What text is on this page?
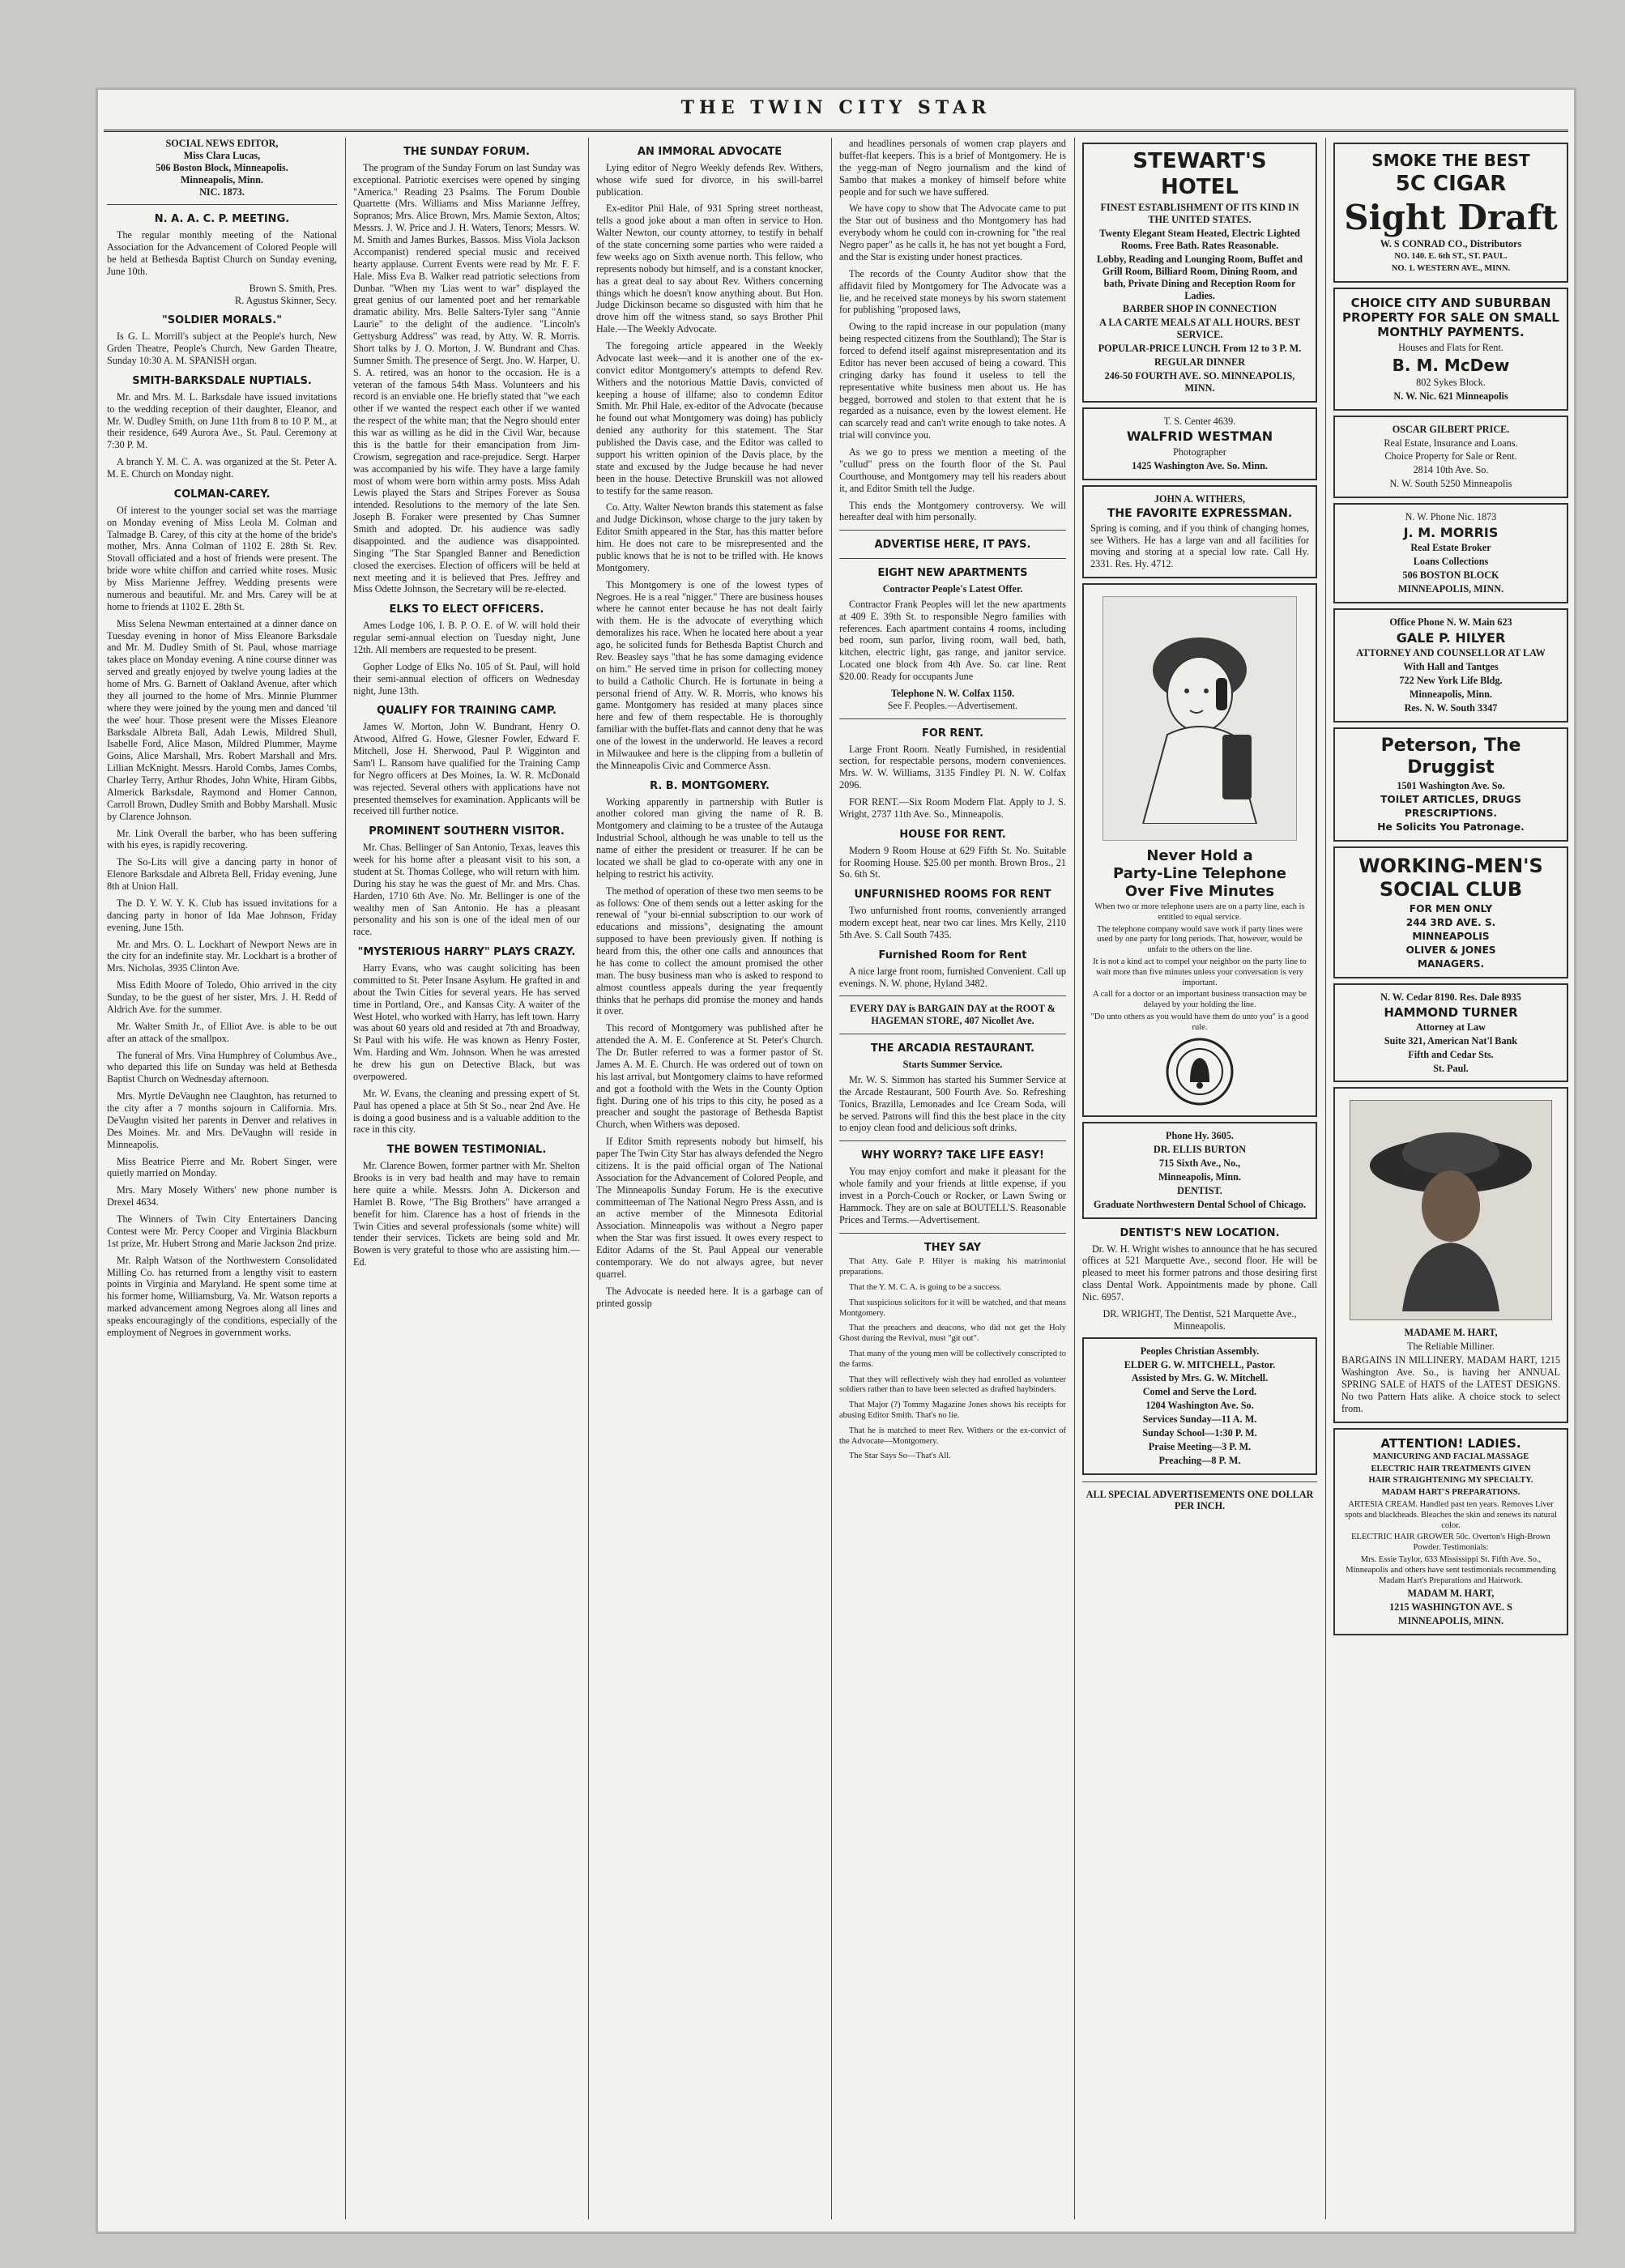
THE TWIN CITY STAR

SOCIAL NEWS EDITOR,

Miss Clara Lucas,

506 Boston Block, Minneapolis.

Minneapolis, Minn.

NIC. 1873.

N. A. A. C. P. MEETING.

The regular monthly meeting of the National Association for the Advancement of Colored People will be held at Bethesda Baptist Church on Sunday evening, June 10th.

Brown S. Smith, Pres.

R. Agustus Skinner, Secy.

"SOLDIER MORALS."

Is G. L. Morrill's subject at the People's hurch, New Grden Theatre, People's Church, New Garden Theatre, Sunday 10:30 A. M. SPANISH organ.

SMITH-BARKSDALE NUPTIALS.

Mr. and Mrs. M. L. Barksdale have issued invitations to the wedding reception of their daughter, Eleanor, and Mr. W. Dudley Smith, on June 11th from 8 to 10 P. M., at their residence, 649 Aurora Ave., St. Paul. Ceremony at 7:30 P. M.

A branch Y. M. C. A. was organized at the St. Peter A. M. E. Church on Monday night.

COLMAN-CAREY.

Of interest to the younger social set was the marriage on Monday evening of Miss Leola M. Colman and Talmadge B. Carey, of this city at the home of the bride's mother, Mrs. Anna Colman of 1102 E. 28th St. Rev. Stovall officiated and a host of friends were present. The bride wore white chiffon and carried white roses. Music by Miss Marienne Jeffrey. Wedding presents were numerous and beautiful. Mr. and Mrs. Carey will be at home to friends at 1102 E. 28th St.

Miss Selena Newman entertained at a dinner dance on Tuesday evening in honor of Miss Eleanore Barksdale and Mr. M. Dudley Smith of St. Paul, whose marriage takes place on Monday evening. A nine course dinner was served and greatly enjoyed by twelve young ladies at the home of Mrs. G. Barnett of Oakland Avenue, after which they all journed to the home of Mrs. Minnie Plummer where they were joined by the young men and danced 'til the wee' hour. Those present were the Misses Eleanore Barksdale Albreta Ball, Adah Lewis, Mildred Shull, Isabelle Ford, Alice Mason, Mildred Plummer, Mayme Goins, Alice Marshall, Mrs. Robert Marshall and Mrs. Lillian McKnight. Messrs. Harold Combs, James Combs, Charley Terry, Arthur Rhodes, John White, Hiram Gibbs, Almerick Barksdale, Raymond and Homer Cannon, Carroll Brown, Dudley Smith and Bobby Marshall. Music by Clarence Johnson.

Mr. Link Overall the barber, who has been suffering with his eyes, is rapidly recovering.

The So-Lits will give a dancing party in honor of Elenore Barksdale and Albreta Bell, Friday evening, June 8th at Union Hall.

The D. Y. W. Y. K. Club has issued invitations for a dancing party in honor of Ida Mae Johnson, Friday evening, June 15th.

Mr. and Mrs. O. L. Lockhart of Newport News are in the city for an indefinite stay. Mr. Lockhart is a brother of Mrs. Nicholas, 3935 Clinton Ave.

Miss Edith Moore of Toledo, Ohio arrived in the city Sunday, to be the guest of her sister, Mrs. J. H. Redd of Aldrich Ave. for the summer.

Mr. Walter Smith Jr., of Elliot Ave. is able to be out after an attack of the smallpox.

The funeral of Mrs. Vina Humphrey of Columbus Ave., who departed this life on Sunday was held at Bethesda Baptist Church on Wednesday afternoon.

Mrs. Myrtle DeVaughn nee Claughton, has returned to the city after a 7 months sojourn in California. Mrs. DeVaughn visited her parents in Denver and relatives in Des Moines. Mr. and Mrs. DeVaughn will reside in Minneapolis.

Miss Beatrice Pierre and Mr. Robert Singer, were quietly married on Monday.

Mrs. Mary Mosely Withers' new phone number is Drexel 4634.

The Winners of Twin City Entertainers Dancing Contest were Mr. Percy Cooper and Virginia Blackburn 1st prize, Mr. Hubert Strong and Marie Jackson 2nd prize.

Mr. Ralph Watson of the Northwestern Consolidated Milling Co. has returned from a lengthy visit to eastern points in Virginia and Maryland. He spent some time at his former home, Williamsburg, Va. Mr. Watson reports a marked advancement among Negroes along all lines and speaks encouragingly of the conditions, especially of the employment of Negroes in government works.

THE SUNDAY FORUM.

The program of the Sunday Forum on last Sunday was exceptional. Patriotic exercises were opened by singing "America." Reading 23 Psalms. The Forum Double Quartette (Mrs. Williams and Miss Marianne Jeffrey, Sopranos; Mrs. Alice Brown, Mrs. Mamie Sexton, Altos; Messrs. J. W. Price and J. H. Waters, Tenors; Messrs. W. M. Smith and James Burkes, Bassos. Miss Viola Jackson Accompanist) rendered special music and received hearty applause. Current Events were read by Mr. F. F. Hale. Miss Eva B. Walker read patriotic selections from Dunbar. "When my 'Lias went to war" displayed the great genius of our lamented poet and her remarkable dramatic ability. Mrs. Belle Salters-Tyler sang "Annie Laurie" to the delight of the audience. "Lincoln's Gettysburg Address" was read, by Atty. W. R. Morris. Short talks by J. O. Morton, J. W. Bundrant and Chas. Sumner Smith. The presence of Sergt. Jno. W. Harper, U. S. A. retired, was an honor to the occasion. He is a veteran of the famous 54th Mass. Volunteers and his record is an enviable one. He briefly stated that "we each other if we wanted the respect each other if we wanted the respect of the white man; that the Negro should enter this war as willing as he did in the Civil War, because this is the battle for their emancipation from Jim-Crowism, segregation and race-prejudice. Sergt. Harper was accompanied by his wife. They have a large family most of whom were born within army posts. Miss Adah Lewis played the Stars and Stripes Forever as Sousa intended. Resolutions to the memory of the late Sen. Joseph B. Foraker were presented by Chas Sumner Smith and adopted. Dr. his audience was sadly disappointed. and the audience was disappointed. Singing "The Star Spangled Banner and Benediction closed the exercises. Election of officers will be held at next meeting and it is believed that Pres. Jeffrey and Miss Odette Johnson, the Secretary will be re-elected.

ELKS TO ELECT OFFICERS.

Ames Lodge 106, I. B. P. O. E. of W. will hold their regular semi-annual election on Tuesday night, June 12th. All members are requested to be present.

Gopher Lodge of Elks No. 105 of St. Paul, will hold their semi-annual election of officers on Wednesday night, June 13th.

QUALIFY FOR TRAINING CAMP.

James W. Morton, John W. Bundrant, Henry O. Atwood, Alfred G. Howe, Glesner Fowler, Edward F. Mitchell, Jose H. Sherwood, Paul P. Wigginton and Sam'l L. Ransom have qualified for the Training Camp for Negro officers at Des Moines, Ia. W. R. McDonald was rejected. Several others with applications have not presented themselves for examination. Applicants will be received till further notice.

PROMINENT SOUTHERN VISITOR.

Mr. Chas. Bellinger of San Antonio, Texas, leaves this week for his home after a pleasant visit to his son, a student at St. Thomas College, who will return with him. During his stay he was the guest of Mr. and Mrs. Chas. Harden, 1710 6th Ave. No. Mr. Bellinger is one of the wealthy men of San Antonio. He has a pleasant personality and his son is one of the ideal men of our race.

"MYSTERIOUS HARRY" PLAYS CRAZY.

Harry Evans, who was caught soliciting has been committed to St. Peter Insane Asylum. He grafted in and about the Twin Cities for several years. He has served time in Portland, Ore., and Kansas City. A waiter of the West Hotel, who worked with Harry, has left town. Harry was about 60 years old and resided at 7th and Broadway, St Paul with his wife. He was known as Henry Foster, Wm. Harding and Wm. Johnson. When he was arrested he drew his gun on Detective Black, but was overpowered.

Mr. W. Evans, the cleaning and pressing expert of St. Paul has opened a place at 5th St So., near 2nd Ave. He is doing a good business and is a valuable addition to the race in this city.

THE BOWEN TESTIMONIAL.

Mr. Clarence Bowen, former partner with Mr. Shelton Brooks is in very bad health and may have to remain here quite a while. Messrs. John A. Dickerson and Hamlet B. Rowe, "The Big Brothers" have arranged a benefit for him. Clarence has a host of friends in the Twin Cities and several professionals (some white) will tender their services. Tickets are being sold and Mr. Bowen is very grateful to those who are assisting him.—Ed.

AN IMMORAL ADVOCATE

Lying editor of Negro Weekly defends Rev. Withers, whose wife sued for divorce, in his swill-barrel publication.

Ex-editor Phil Hale, of 931 Spring street northeast, tells a good joke about a man often in service to Hon. Walter Newton, our county attorney, to testify in behalf of the state concerning some parties who were raided a few weeks ago on Sixth avenue north. This fellow, who represents nobody but himself, and is a constant knocker, has a great deal to say about Rev. Withers concerning things which he doesn't know anything about. But Hon. Judge Dickinson became so disgusted with him that he drove him off the witness stand, so says Brother Phil Hale.—The Weekly Advocate.

The foregoing article appeared in the Weekly Advocate last week—and it is another one of the ex-convict editor Montgomery's attempts to defend Rev. Withers and the notorious Mattie Davis, convicted of keeping a house of illfame; also to condemn Editor Smith. Mr. Phil Hale, ex-editor of the Advocate (because he found out what Montgomery was doing) has publicly denied any authority for this statement. The Star published the Davis case, and the Editor was called to support his written opinion of the Davis place, by the state and excused by the Judge because he had never been in the house. Detective Brunskill was not allowed to testify for the same reason.

Co. Atty. Walter Newton brands this statement as false and Judge Dickinson, whose charge to the jury taken by Editor Smith appeared in the Star, has this matter before him. He does not care to be misrepresented and the public knows that he is not to be trifled with. He knows Montgomery.

This Montgomery is one of the lowest types of Negroes. He is a real "nigger." There are business houses where he cannot enter because he has not dealt fairly with them. He is the advocate of everything which demoralizes his race. When he located here about a year ago, he solicited funds for Bethesda Baptist Church and Rev. Beasley says "that he has some damaging evidence on him." He served time in prison for collecting money to build a Catholic Church. He is fortunate in being a personal friend of Atty. W. R. Morris, who knows his game. Montgomery has resided at many places since here and few of them respectable. He is thoroughly familiar with the buffet-flats and cannot deny that he was one of the lowest in the underworld. He leaves a record in Milwaukee and here is the clipping from a bulletin of the Minneapolis Civic and Commerce Assn.

R. B. MONTGOMERY.

Working apparently in partnership with Butler is another colored man giving the name of R. B. Montgomery and claiming to be a trustee of the Autauga Industrial School, although he was unable to tell us the name of either the president or treasurer. If he can be located we shall be glad to co-operate with any one in helping to restrict his activity.

The method of operation of these two men seems to be as follows: One of them sends out a letter asking for the renewal of "your bi-ennial subscription to our work of educations and missions", designating the amount supposed to have been previously given. If nothing is heard from this, the other one calls and announces that he has come to collect the amount promised the other man. The busy business man who is asked to respond to almost countless appeals during the year frequently thinks that he perhaps did promise the money and hands it over.

This record of Montgomery was published after he attended the A. M. E. Conference at St. Peter's Church. The Dr. Butler referred to was a former pastor of St. James A. M. E. Church. He was ordered out of town on his last arrival, but Montgomery claims to have reformed and got a foothold with the Wets in the County Option fight. During one of his trips to this city, he posed as a preacher and sought the pastorage of Bethesda Baptist Church, when Withers was deposed.

If Editor Smith represents nobody but himself, his paper The Twin City Star has always defended the Negro citizens. It is the paid official organ of The National Association for the Advancement of Colored People, and The Minneapolis Sunday Forum. He is the executive committeeman of The National Negro Press Assn, and is an active member of the Minnesota Editorial Association. Minneapolis was without a Negro paper when the Star was first issued. It owes every respect to Editor Adams of the St. Paul Appeal our venerable contemporary. We do not always agree, but never quarrel.

The Advocate is needed here. It is a garbage can of printed gossip

and headlines personals of women crap players and buffet-flat keepers. This is a brief of Montgomery. He is the yegg-man of Negro journalism and the kind of Sambo that makes a monkey of himself before white people and for such we have suffered.

We have copy to show that The Advocate came to put the Star out of business and tho Montgomery has had everybody whom he could con in-crowning for "the real Negro paper" as he calls it, he has not yet bought a Ford, and the Star is existing under honest practices.

The records of the County Auditor show that the affidavit filed by Montgomery for The Advocate was a lie, and he received state moneys by his sworn statement for publishing "proposed laws,

Owing to the rapid increase in our population (many being respected citizens from the Southland); The Star is forced to defend itself against misrepresentation and its Editor has never been accused of being a coward. This cringing darky has found it useless to tell the representative white business men about us. He has begged, borrowed and stolen to that extent that he is regarded as a nuisance, even by the lowest element. He can scarcely read and can't write enough to take notes. A trial will convince you.

As we go to press we mention a meeting of the "cullud" press on the fourth floor of the St. Paul Courthouse, and Montgomery may tell his readers about it, and Editor Smith tell the Judge.

This ends the Montgomery controversy. We will hereafter deal with him personally.

ADVERTISE HERE, IT PAYS.
EIGHT NEW APARTMENTS

Contractor People's Latest Offer.

Contractor Frank Peoples will let the new apartments at 409 E. 39th St. to responsible Negro families with references. Each apartment contains 4 rooms, including bed room, sun parlor, living room, wall bed, bath, kitchen, electric light, gas range, and janitor service. Located one block from 4th Ave. So. car line. Rent $20.00. Ready for occupants June

Telephone N. W. Colfax 1150.

See F. Peoples.—Advertisement.

FOR RENT.

Large Front Room. Neatly Furnished, in residential section, for respectable persons, modern conveniences. Mrs. W. W. Williams, 3135 Findley Pl. N. W. Colfax 2096.

FOR RENT.—Six Room Modern Flat. Apply to J. S. Wright, 2737 11th Ave. So., Minneapolis.

HOUSE FOR RENT.

Modern 9 Room House at 629 Fifth St. No. Suitable for Rooming House. $25.00 per month. Brown Bros., 21 So. 6th St.

UNFURNISHED ROOMS FOR RENT

Two unfurnished front rooms, conveniently arranged modern except heat, near two car lines. Mrs Kelly, 2110 5th Ave. S. Call South 7435.

Furnished Room for Rent

A nice large front room, furnished Convenient. Call up evenings. N. W. phone, Hyland 3482.

EVERY DAY is BARGAIN DAY at the ROOT & HAGEMAN STORE, 407 Nicollet Ave.

THE ARCADIA RESTAURANT.

Starts Summer Service.

Mr. W. S. Simmon has started his Summer Service at the Arcade Restaurant, 500 Fourth Ave. So. Refreshing Tonics, Brazilla, Lemonades and Ice Cream Soda, will be served. Patrons will find this the best place in the city to enjoy clean food and delicious soft drinks.

WHY WORRY? TAKE LIFE EASY!

You may enjoy comfort and make it pleasant for the whole family and your friends at little expense, if you invest in a Porch-Couch or Rocker, or Lawn Swing or Hammock. They are on sale at BOUTELL'S. Reasonable Prices and Terms.—Advertisement.

THEY SAY

That Atty. Gale P. Hilyer is making his matrimonial preparations.

That the Y. M. C. A. is going to be a success.

That suspicious solicitors for it will be watched, and that means Montgomery.

That the preachers and deacons, who did not get the Holy Ghost during the Revival, must "git out".

That many of the young men will be collectively conscripted to the farms.

That they will reflectively wish they had enrolled as volunteer soldiers rather than to have been selected as drafted haybinders.

That Major (?) Tommy Magazine Jones shows his receipts for abusing Editor Smith. That's no lie.

That he is matched to meet Rev. Withers or the ex-convict of the Advocate—Montgomery.

The Star Says So—That's All.

STEWART'S HOTEL

FINEST ESTABLISHMENT OF ITS KIND IN THE UNITED STATES.

Twenty Elegant Steam Heated, Electric Lighted Rooms. Free Bath. Rates Reasonable.

Lobby, Reading and Lounging Room, Buffet and Grill Room, Billiard Room, Dining Room, and bath, Private Dining and Reception Room for Ladies.

BARBER SHOP IN CONNECTION

A LA CARTE MEALS AT ALL HOURS. BEST SERVICE.

POPULAR-PRICE LUNCH. From 12 to 3 P. M.

REGULAR DINNER

246-50 FOURTH AVE. SO. MINNEAPOLIS, MINN.

T. S. Center 4639.

WALFRID WESTMAN

Photographer

1425 Washington Ave. So. Minn.

JOHN A. WITHERS,

THE FAVORITE EXPRESSMAN.

Spring is coming, and if you think of changing homes, see Withers. He has a large van and all facilities for moving and storing at a special low rate. Call Hy. 2331. Res. Hy. 4712.

Never Hold a
Party-Line Telephone
Over Five Minutes

When two or more telephone users are on a party line, each is entitled to equal service.

The telephone company would save work if party lines were used by one party for long periods. That, however, would be unfair to the others on the line.

It is not a kind act to compel your neighbor on the party line to wait more than five minutes unless your conversation is very important.

A call for a doctor or an important business transaction may be delayed by your holding the line.

"Do unto others as you would have them do unto you" is a good rule.

Phone Hy. 3605.

DR. ELLIS BURTON

715 Sixth Ave., No.,

Minneapolis, Minn.

DENTIST.

Graduate Northwestern Dental School of Chicago.

DENTIST'S NEW LOCATION.

Dr. W. H. Wright wishes to announce that he has secured offices at 521 Marquette Ave., second floor. He will be pleased to meet his former patrons and those desiring first class Dental Work. Appointments made by phone. Call Nic. 6957.

DR. WRIGHT, The Dentist, 521 Marquette Ave., Minneapolis.

Peoples Christian Assembly.

ELDER G. W. MITCHELL, Pastor.

Assisted by Mrs. G. W. Mitchell.

Comel and Serve the Lord.

1204 Washington Ave. So.

Services Sunday—11 A. M.

Sunday School—1:30 P. M.

Praise Meeting—3 P. M.

Preaching—8 P. M.

ALL SPECIAL ADVERTISEMENTS ONE DOLLAR PER INCH.

SMOKE THE BEST

5C CIGAR

Sight Draft

W. S CONRAD CO., Distributors

NO. 140. E. 6th ST., ST. PAUL.

NO. 1. WESTERN AVE., MINN.

CHOICE CITY AND SUBURBAN PROPERTY FOR SALE ON SMALL MONTHLY PAYMENTS.

Houses and Flats for Rent.

B. M. McDew

802 Sykes Block.

N. W. Nic. 621 Minneapolis

OSCAR GILBERT PRICE.

Real Estate, Insurance and Loans.

Choice Property for Sale or Rent.

2814 10th Ave. So.

N. W. South 5250 Minneapolis

N. W. Phone Nic. 1873

J. M. MORRIS

Real Estate Broker

Loans Collections

506 BOSTON BLOCK

MINNEAPOLIS, MINN.

Office Phone N. W. Main 623

GALE P. HILYER

ATTORNEY AND COUNSELLOR AT LAW

With Hall and Tantges

722 New York Life Bldg.

Minneapolis, Minn.

Res. N. W. South 3347

Peterson, The Druggist

1501 Washington Ave. So.

TOILET ARTICLES, DRUGS

PRESCRIPTIONS.

He Solicits You Patronage.

WORKING-MEN'S SOCIAL CLUB

FOR MEN ONLY

244 3RD AVE. S.

MINNEAPOLIS

OLIVER & JONES

MANAGERS.

N. W. Cedar 8190. Res. Dale 8935

HAMMOND TURNER

Attorney at Law

Suite 321, American Nat'l Bank

Fifth and Cedar Sts.

St. Paul.

MADAME M. HART,

The Reliable Milliner.

BARGAINS IN MILLINERY. MADAM HART, 1215 Washington Ave. So., is having her ANNUAL SPRING SALE of HATS of the LATEST DESIGNS. No two Pattern Hats alike. A choice stock to select from.

ATTENTION! LADIES.

MANICURING AND FACIAL MASSAGE

ELECTRIC HAIR TREATMENTS GIVEN

HAIR STRAIGHTENING MY SPECIALTY.

MADAM HART'S PREPARATIONS.

ARTESIA CREAM. Handled past ten years. Removes Liver spots and blackheads. Bleaches the skin and renews its natural color.

ELECTRIC HAIR GROWER 50c. Overton's High-Brown Powder. Testimonials:

Mrs. Essie Taylor, 633 Mississippi St. Fifth Ave. So., Minneapolis and others have sent testimonials recommending Madam Hart's Preparations and Hairwork.

MADAM M. HART,

1215 WASHINGTON AVE. S

MINNEAPOLIS, MINN.
